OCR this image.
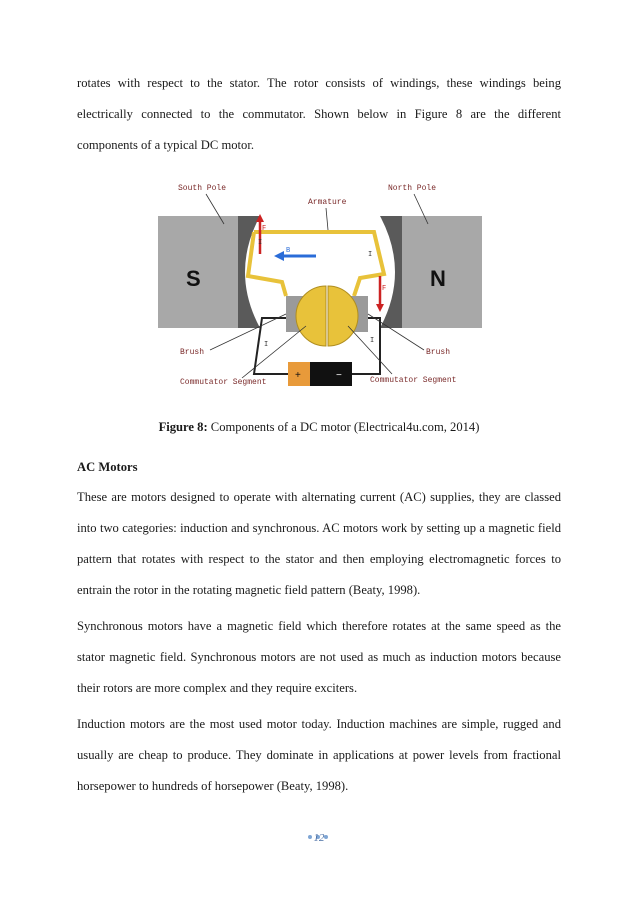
rotates with respect to the stator. The rotor consists of windings, these windings being electrically connected to the commutator. Shown below in Figure 8 are the different components of a typical DC motor.

S	N
B
F
F
+	−
I
I
I	I
South Pole	North Pole
Armature
Brush	Brush
Commutator Segment	Commutator Segment
Figure 8: Components of a DC motor (Electrical4u.com, 2014)
AC Motors

These are motors designed to operate with alternating current (AC) supplies, they are classed into two categories: induction and synchronous. AC motors work by setting up a magnetic field pattern that rotates with respect to the stator and then employing electromagnetic forces to entrain the rotor in the rotating magnetic field pattern (Beaty, 1998).

Synchronous motors have a magnetic field which therefore rotates at the same speed as the stator magnetic field. Synchronous motors are not used as much as induction motors because their rotors are more complex and they require exciters.

Induction motors are the most used motor today. Induction machines are simple, rugged and usually are cheap to produce. They dominate in applications at power levels from fractional horsepower to hundreds of horsepower (Beaty, 1998).

12
